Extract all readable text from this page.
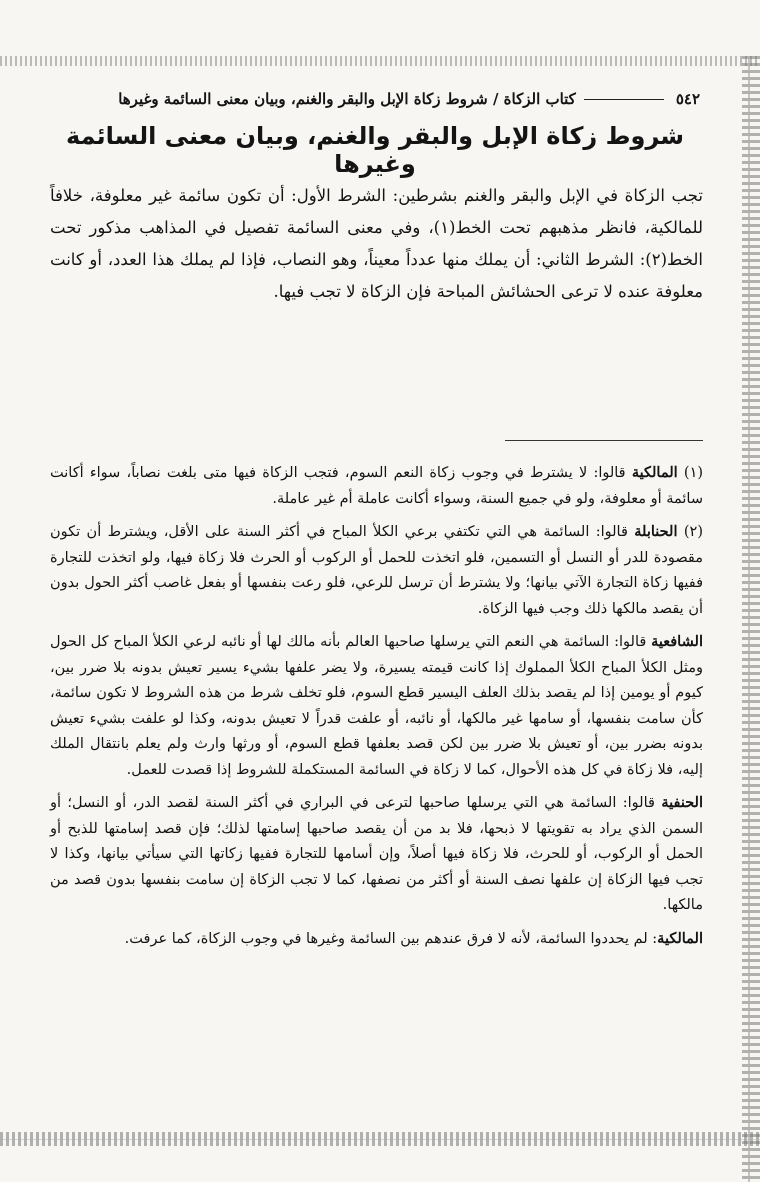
٥٤٢
كتاب الزكاة / شروط زكاة الإبل والبقر والغنم، وبيان معنى السائمة وغيرها
شروط زكاة الإبل والبقر والغنم، وبيان معنى السائمة وغيرها

تجب الزكاة في الإبل والبقر والغنم بشرطين: الشرط الأول: أن تكون سائمة غير معلوفة، خلافاً للمالكية، فانظر مذهبهم تحت الخط(١)، وفي معنى السائمة تفصيل في المذاهب مذكور تحت الخط(٢): الشرط الثاني: أن يملك منها عدداً معيناً، وهو النصاب، فإذا لم يملك هذا العدد، أو كانت معلوفة عنده لا ترعى الحشائش المباحة فإن الزكاة لا تجب فيها.

(١) المالكية قالوا: لا يشترط في وجوب زكاة النعم السوم، فتجب الزكاة فيها متى بلغت نصاباً، سواء أكانت سائمة أو معلوفة، ولو في جميع السنة، وسواء أكانت عاملة أم غير عاملة.

(٢) الحنابلة قالوا: السائمة هي التي تكتفي برعي الكلأ المباح في أكثر السنة على الأقل، ويشترط أن تكون مقصودة للدر أو النسل أو التسمين، فلو اتخذت للحمل أو الركوب أو الحرث فلا زكاة فيها، ولو اتخذت للتجارة ففيها زكاة التجارة الآتي بيانها؛ ولا يشترط أن ترسل للرعي، فلو رعت بنفسها أو بفعل غاصب أكثر الحول بدون أن يقصد مالكها ذلك وجب فيها الزكاة.

الشافعية قالوا: السائمة هي النعم التي يرسلها صاحبها العالم بأنه مالك لها أو نائبه لرعي الكلأ المباح كل الحول ومثل الكلأ المباح الكلأ المملوك إذا كانت قيمته يسيرة، ولا يضر علفها بشيء يسير تعيش بدونه بلا ضرر بين، كيوم أو يومين إذا لم يقصد بذلك العلف اليسير قطع السوم، فلو تخلف شرط من هذه الشروط لا تكون سائمة، كأن سامت بنفسها، أو سامها غير مالكها، أو نائبه، أو علفت قدراً لا تعيش بدونه، وكذا لو علفت بشيء تعيش بدونه بضرر بين، أو تعيش بلا ضرر بين لكن قصد بعلفها قطع السوم، أو ورثها وارث ولم يعلم بانتقال الملك إليه، فلا زكاة في كل هذه الأحوال، كما لا زكاة في السائمة المستكملة للشروط إذا قصدت للعمل.

الحنفية قالوا: السائمة هي التي يرسلها صاحبها لترعى في البراري في أكثر السنة لقصد الدر، أو النسل؛ أو السمن الذي يراد به تقويتها لا ذبحها، فلا بد من أن يقصد صاحبها إسامتها لذلك؛ فإن قصد إسامتها للذبح أو الحمل أو الركوب، أو للحرث، فلا زكاة فيها أصلاً، وإن أسامها للتجارة ففيها زكاتها التي سيأتي بيانها، وكذا لا تجب فيها الزكاة إن علفها نصف السنة أو أكثر من نصفها، كما لا تجب الزكاة إن سامت بنفسها بدون قصد من مالكها.

المالكية: لم يحددوا السائمة، لأنه لا فرق عندهم بين السائمة وغيرها في وجوب الزكاة، كما عرفت.
